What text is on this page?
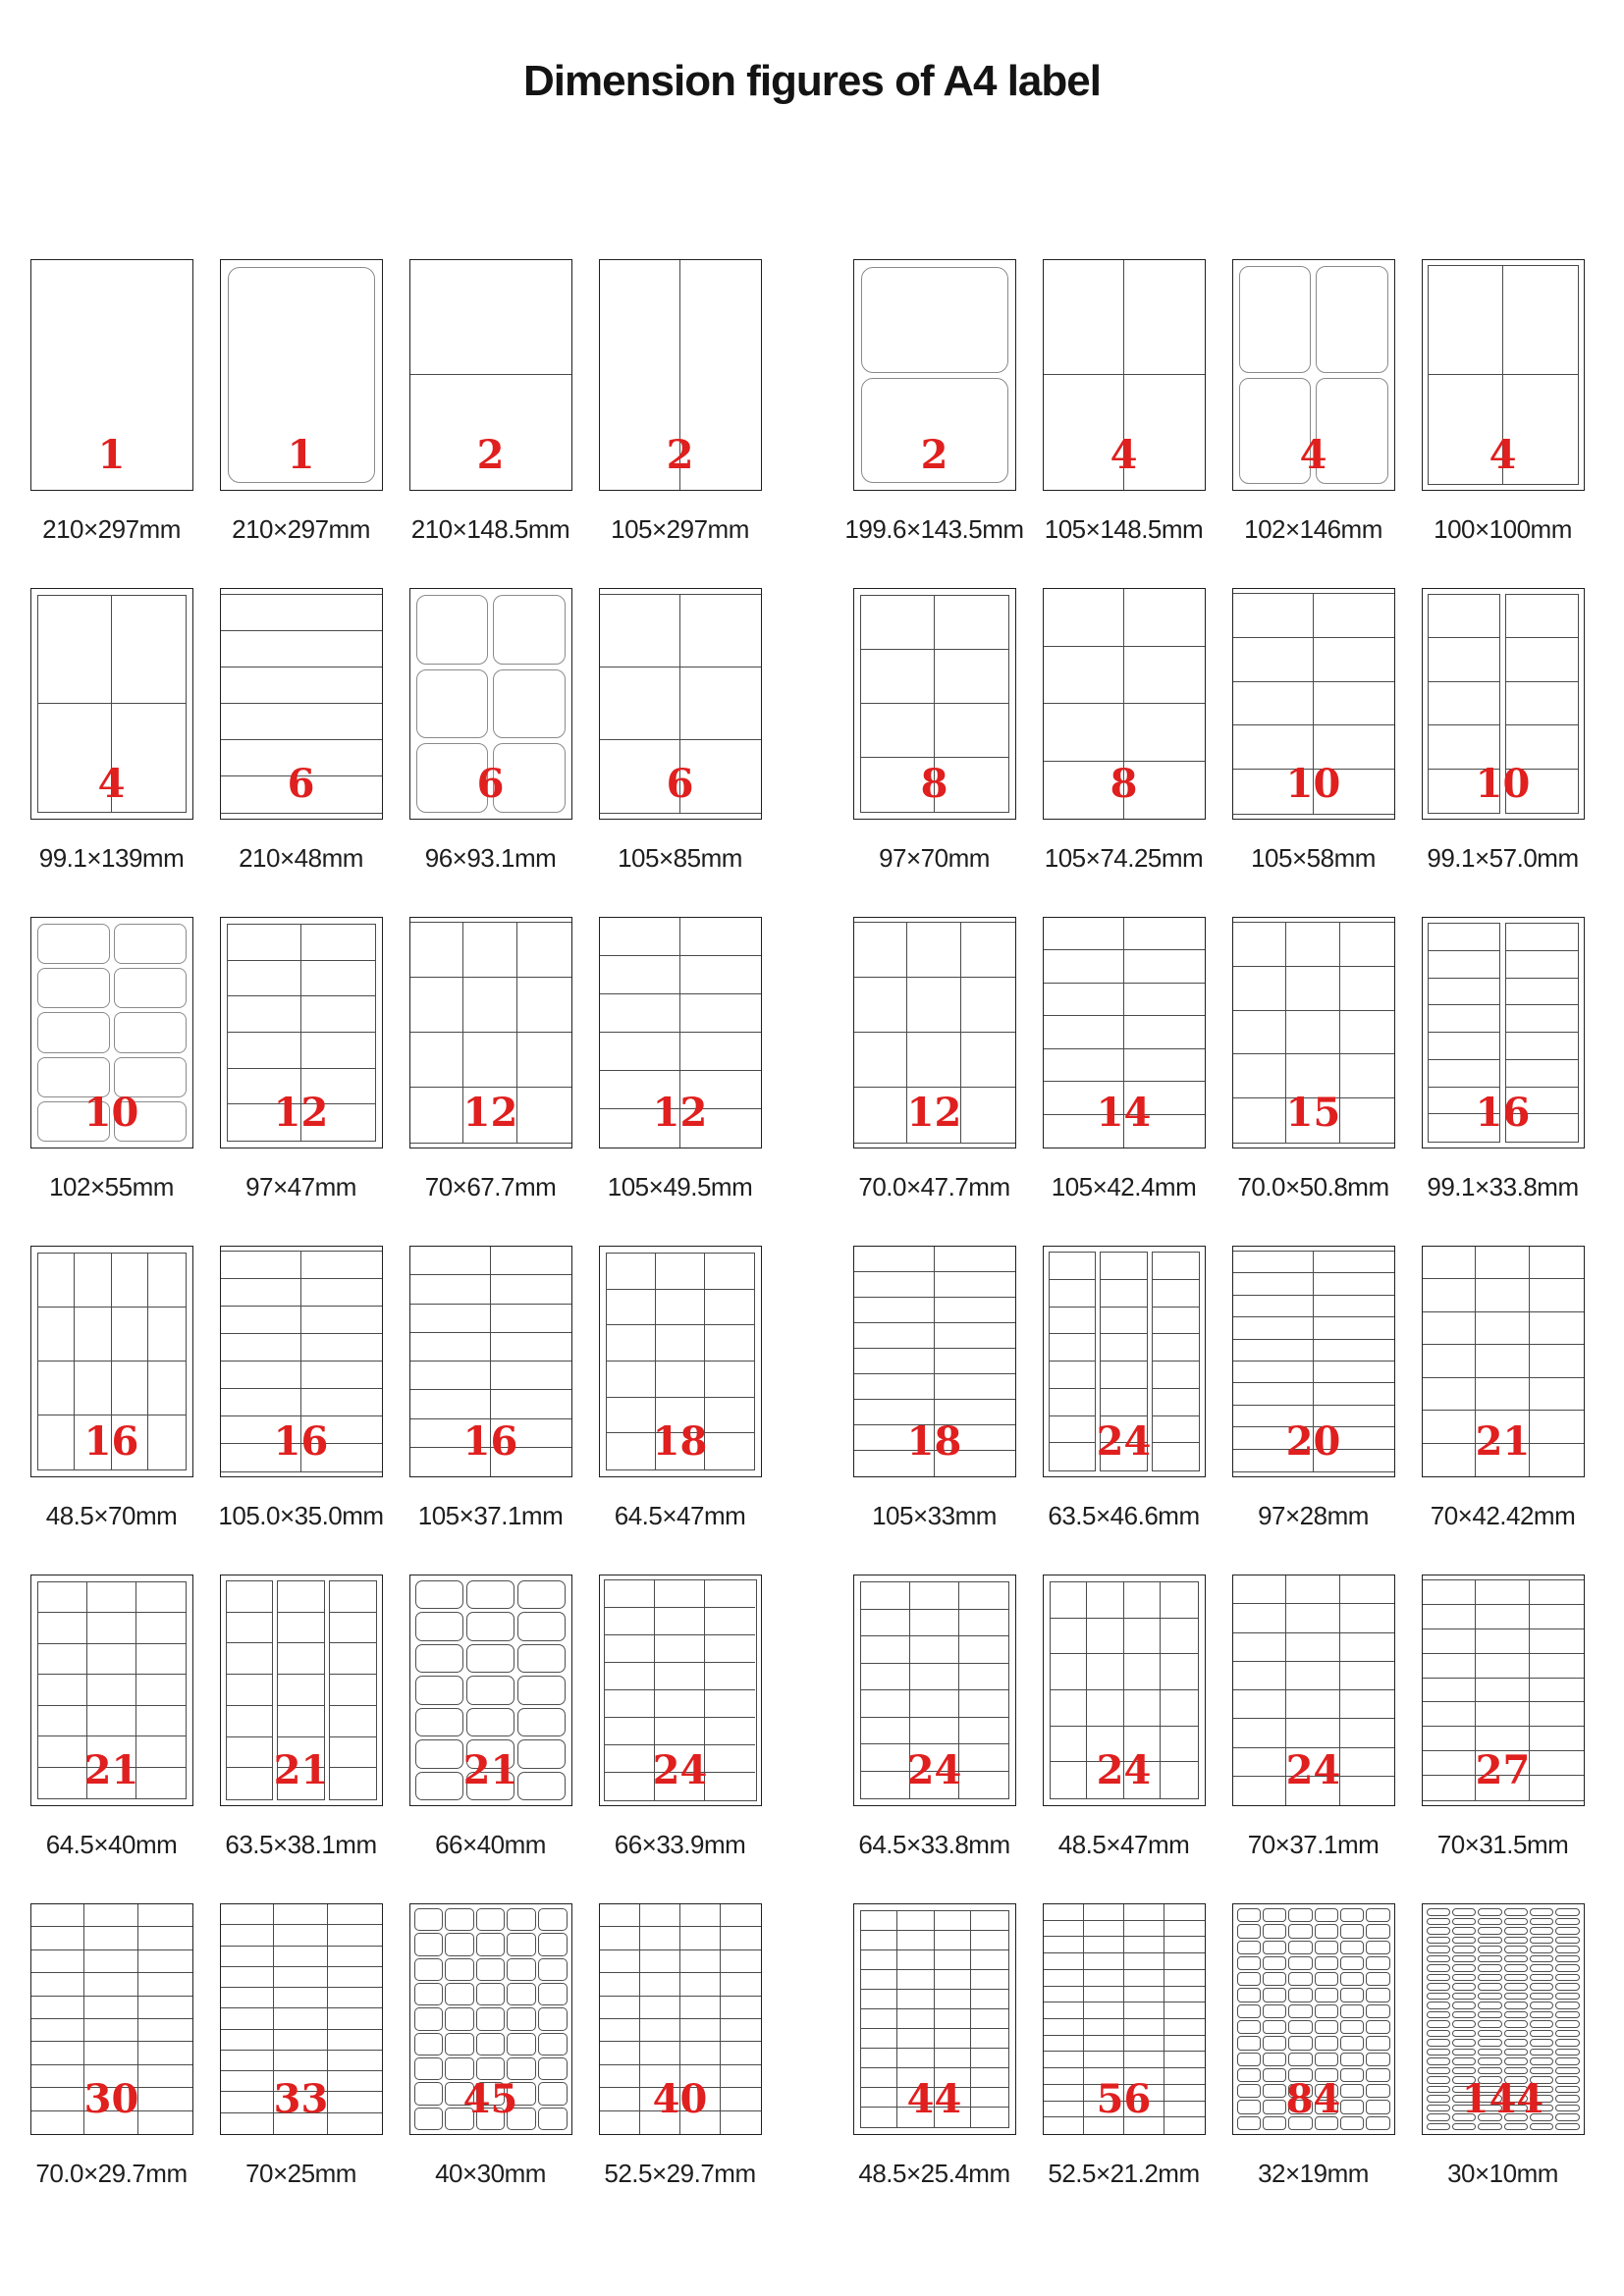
Dimension figures of A4 label
1
210×297mm
1
210×297mm
2
210×148.5mm
2
105×297mm
2
199.6×143.5mm
4
105×148.5mm
4
102×146mm
4
100×100mm
4
99.1×139mm
6
210×48mm
6
96×93.1mm
6
105×85mm
8
97×70mm
8
105×74.25mm
10
105×58mm
10
99.1×57.0mm
10
102×55mm
12
97×47mm
12
70×67.7mm
12
105×49.5mm
12
70.0×47.7mm
14
105×42.4mm
15
70.0×50.8mm
16
99.1×33.8mm
16
48.5×70mm
16
105.0×35.0mm
16
105×37.1mm
18
64.5×47mm
18
105×33mm
24
63.5×46.6mm
20
97×28mm
21
70×42.42mm
21
64.5×40mm
21
63.5×38.1mm
21
66×40mm
24
66×33.9mm
24
64.5×33.8mm
24
48.5×47mm
24
70×37.1mm
27
70×31.5mm
30
70.0×29.7mm
33
70×25mm
45
40×30mm
40
52.5×29.7mm
44
48.5×25.4mm
56
52.5×21.2mm
84
32×19mm
144
30×10mm
